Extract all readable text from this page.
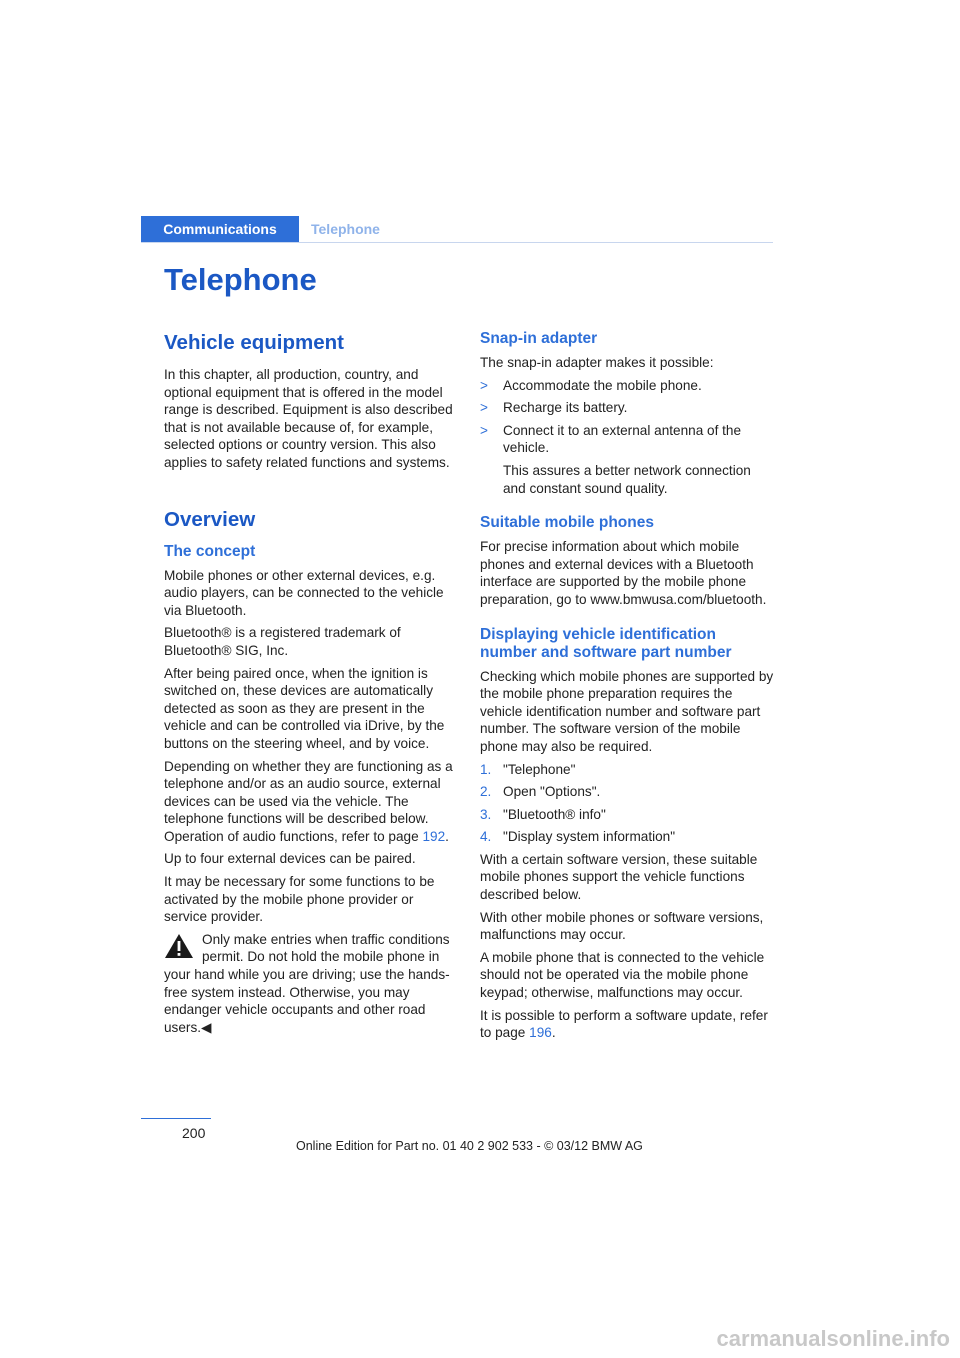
Communications	Telephone
Telephone
Vehicle equipment

In this chapter, all production, country, and optional equipment that is offered in the model range is described. Equipment is also described that is not available because of, for example, selected options or country version. This also applies to safety related functions and systems.

Overview
The concept

Mobile phones or other external devices, e.g. audio players, can be connected to the vehicle via Bluetooth.

Bluetooth® is a registered trademark of Bluetooth® SIG, Inc.

After being paired once, when the ignition is switched on, these devices are automatically detected as soon as they are present in the vehicle and can be controlled via iDrive, by the buttons on the steering wheel, and by voice.

Depending on whether they are functioning as a telephone and/or as an audio source, external devices can be used via the vehicle. The telephone functions will be described below. Operation of audio functions, refer to page 192.

Up to four external devices can be paired.

It may be necessary for some functions to be activated by the mobile phone provider or service provider.

Only make entries when traffic conditions permit. Do not hold the mobile phone in your hand while you are driving; use the hands-free system instead. Otherwise, you may endanger vehicle occupants and other road users.◀
Snap-in adapter

The snap-in adapter makes it possible:

> Accommodate the mobile phone.
> Recharge its battery.
> Connect it to an external antenna of the vehicle.

This assures a better network connection and constant sound quality.

Suitable mobile phones

For precise information about which mobile phones and external devices with a Bluetooth interface are supported by the mobile phone preparation, go to www.bmwusa.com/bluetooth.

Displaying vehicle identification number and software part number

Checking which mobile phones are supported by the mobile phone preparation requires the vehicle identification number and software part number. The software version of the mobile phone may also be required.

1. "Telephone"
2. Open "Options".
3. "Bluetooth® info"
4. "Display system information"

With a certain software version, these suitable mobile phones support the vehicle functions described below.

With other mobile phones or software versions, malfunctions may occur.

A mobile phone that is connected to the vehicle should not be operated via the mobile phone keypad; otherwise, malfunctions may occur.

It is possible to perform a software update, refer to page 196.

200
Online Edition for Part no. 01 40 2 902 533 - © 03/12 BMW AG
carmanualsonline.info
